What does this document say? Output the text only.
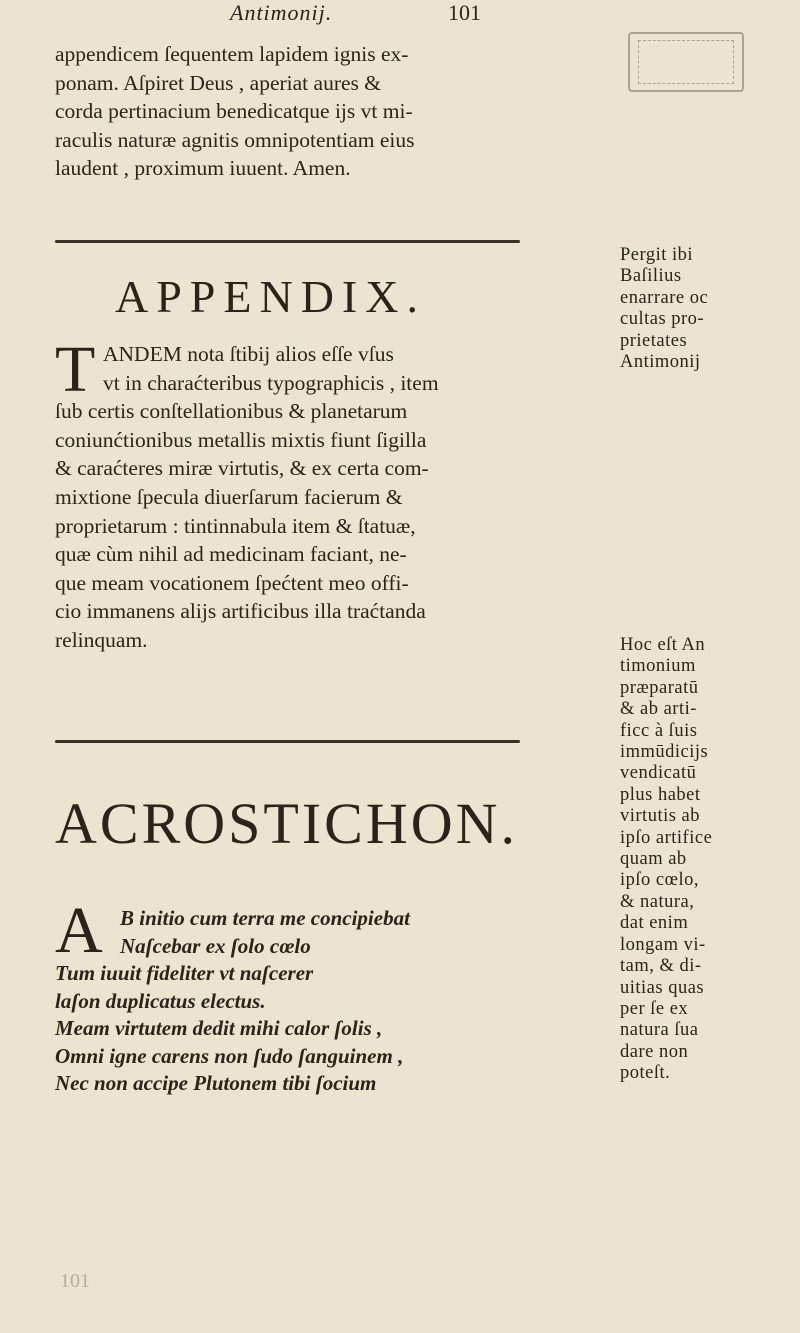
Antimonij.	101
appendicem ſequentem lapidem ignis ex-
ponam. Aſpiret Deus , aperiat aures &
corda pertinacium benedicatque ijs vt mi-
raculis naturæ agnitis omnipotentiam eius
laudent , proximum iuuent. Amen.
APPENDIX.
T ANDEM nota ſtibij alios eſſe vſus
vt in charaćteribus typographicis , item
ſub certis conſtellationibus & planetarum
coniunćtionibus metallis mixtis fiunt ſigilla
& caraćteres miræ virtutis, & ex certa com-
mixtione ſpecula diuerſarum facierum &
proprietarum : tintinnabula item & ſtatuæ,
quæ cùm nihil ad medicinam faciant, ne-
que meam vocationem ſpećtent meo offi-
cio immanens alijs artificibus illa traćtanda
relinquam.
ACROSTICHON.
A B initio cum terra me concipiebat
Naſcebar ex ſolo cœlo
Tum iuuit fideliter vt naſcerer
laſon duplicatus electus.
Meam virtutem dedit mihi calor ſolis ,
Omni igne carens non ſudo ſanguinem ,
Nec non accipe Plutonem tibi ſocium
Pergit ibi
Baſilius
enarrare oc
cultas pro-
prietates
Antimonij
Hoc eſt An
timonium
præparatū
& ab arti-
ficc à ſuis
immūdicijs
vendicatū
plus habet
virtutis ab
ipſo artifice
quam ab
ipſo cœlo,
& natura,
dat enim
longam vi-
tam, & di-
uitias quas
per ſe ex
natura ſua
dare non
poteſt.
101
